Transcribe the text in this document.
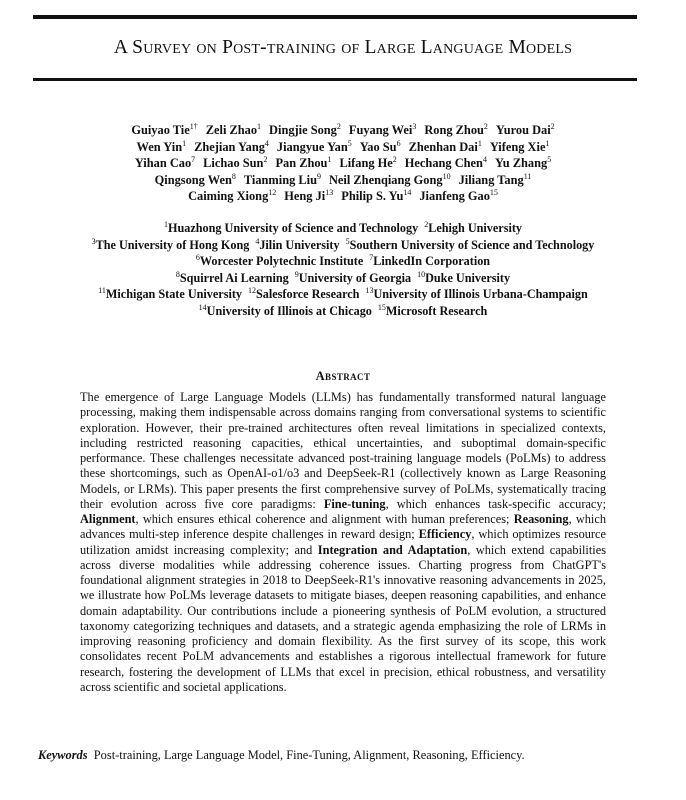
A Survey on Post-training of Large Language Models
Guiyao Tie$^{1\dagger}$ Zeli Zhao$^1$ Dingjie Song$^2$ Fuyang Wei$^3$ Rong Zhou$^2$ Yurou Dai$^2$
Wen Yin$^1$ Zhejian Yang$^4$ Jiangyue Yan$^5$ Yao Su$^6$ Zhenhan Dai$^1$ Yifeng Xie$^1$
Yihan Cao$^7$ Lichao Sun$^2$ Pan Zhou$^1$ Lifang He$^2$ Hechang Chen$^4$ Yu Zhang$^5$
Qingsong Wen$^8$ Tianming Liu$^9$ Neil Zhenqiang Gong$^{10}$ Jiliang Tang$^{11}$
Caiming Xiong$^{12}$ Heng Ji$^{13}$ Philip S. Yu$^{14}$ Jianfeng Gao$^{15}$
$^1$Huazhong University of Science and Technology $^2$Lehigh University
$^3$The University of Hong Kong $^4$Jilin University $^5$Southern University of Science and Technology
$^6$Worcester Polytechnic Institute $^7$LinkedIn Corporation
$^8$Squirrel Ai Learning $^9$University of Georgia $^{10}$Duke University
$^{11}$Michigan State University $^{12}$Salesforce Research $^{13}$University of Illinois Urbana-Champaign
$^{14}$University of Illinois at Chicago $^{15}$Microsoft Research
Abstract
The emergence of Large Language Models (LLMs) has fundamentally transformed natural language processing, making them indispensable across domains ranging from conversational systems to scientific exploration. However, their pre-trained architectures often reveal limitations in specialized contexts, including restricted reasoning capacities, ethical uncertainties, and suboptimal domain-specific performance. These challenges necessitate advanced post-training language models (PoLMs) to address these shortcomings, such as OpenAI-o1/o3 and DeepSeek-R1 (collectively known as Large Reasoning Models, or LRMs). This paper presents the first comprehensive survey of PoLMs, systematically tracing their evolution across five core paradigms: Fine-tuning, which enhances task-specific accuracy; Alignment, which ensures ethical coherence and alignment with human preferences; Reasoning, which advances multi-step inference despite challenges in reward design; Efficiency, which optimizes resource utilization amidst increasing complexity; and Integration and Adaptation, which extend capabilities across diverse modalities while addressing coherence issues. Charting progress from ChatGPT's foundational alignment strategies in 2018 to DeepSeek-R1's innovative reasoning advancements in 2025, we illustrate how PoLMs leverage datasets to mitigate biases, deepen reasoning capabilities, and enhance domain adaptability. Our contributions include a pioneering synthesis of PoLM evolution, a structured taxonomy categorizing techniques and datasets, and a strategic agenda emphasizing the role of LRMs in improving reasoning proficiency and domain flexibility. As the first survey of its scope, this work consolidates recent PoLM advancements and establishes a rigorous intellectual framework for future research, fostering the development of LLMs that excel in precision, ethical robustness, and versatility across scientific and societal applications.
Keywords Post-training, Large Language Model, Fine-Tuning, Alignment, Reasoning, Efficiency.
